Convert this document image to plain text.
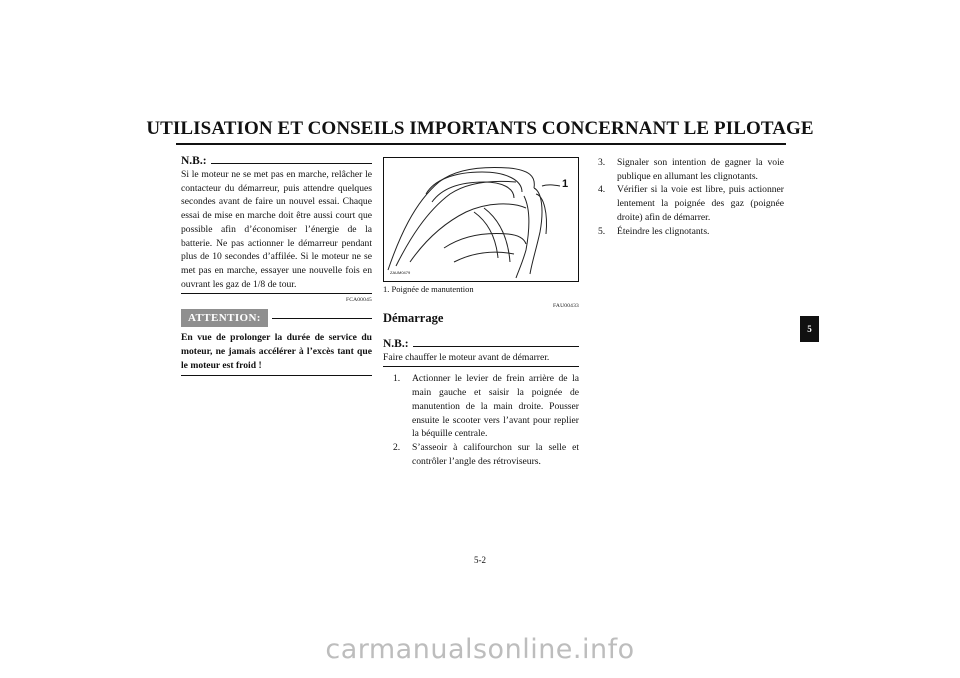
UTILISATION ET CONSEILS IMPORTANTS CONCERNANT LE PILOTAGE
N.B.:
Si le moteur ne se met pas en marche, relâcher le contacteur du démarreur, puis attendre quelques secondes avant de faire un nouvel essai. Chaque essai de mise en marche doit être aussi court que possible afin d’économiser l’énergie de la batterie. Ne pas actionner le démarreur pendant plus de 10 secondes d’affilée. Si le moteur ne se met pas en marche, essayer une nouvelle fois en ouvrant les gaz de 1/8 de tour.
FCA00045
ATTENTION:
En vue de prolonger la durée de service du moteur, ne jamais accélérer à l’excès tant que le moteur est froid !
1
ZAUM0479
1. Poignée de manutention
FAU00433
Démarrage
N.B.:
Faire chauffer le moteur avant de démarrer.
1.	Actionner le levier de frein arrière de la main gauche et saisir la poignée de manutention de la main droite. Pousser ensuite le scooter vers l’avant pour replier la béquille centrale.
2.	S’asseoir à califourchon sur la selle et contrôler l’angle des rétroviseurs.
3.	Signaler son intention de gagner la voie publique en allumant les clignotants.
4.	Vérifier si la voie est libre, puis actionner lentement la poignée des gaz (poignée droite) afin de démarrer.
5.	Éteindre les clignotants.
5
5-2
carmanualsonline.info
